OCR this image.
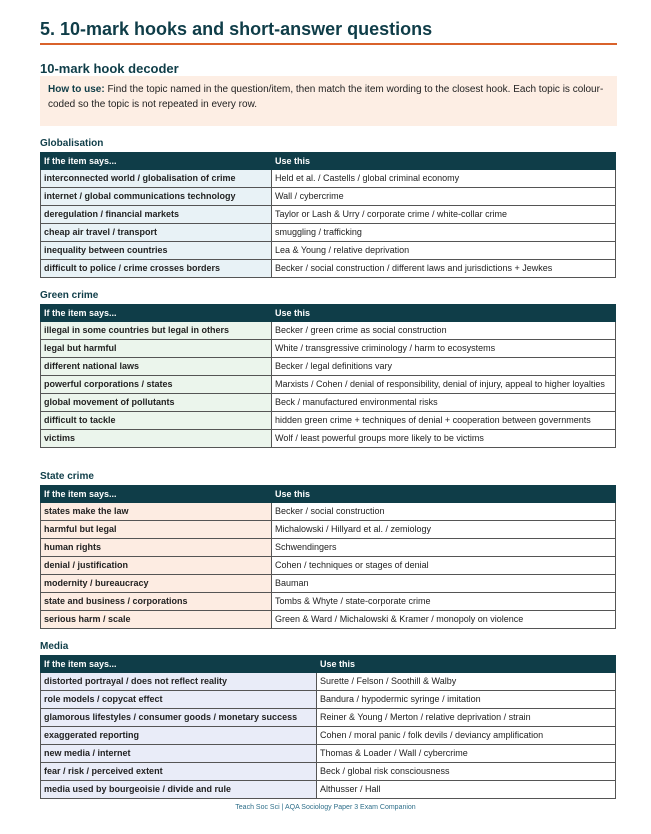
5. 10-mark hooks and short-answer questions
10-mark hook decoder
How to use: Find the topic named in the question/item, then match the item wording to the closest hook. Each topic is colour-coded so the topic is not repeated in every row.
Globalisation
If the item says...	Use this
interconnected world / globalisation of crime	Held et al. / Castells / global criminal economy
internet / global communications technology	Wall / cybercrime
deregulation / financial markets	Taylor or Lash & Urry / corporate crime / white-collar crime
cheap air travel / transport	smuggling / trafficking
inequality between countries	Lea & Young / relative deprivation
difficult to police / crime crosses borders	Becker / social construction / different laws and jurisdictions + Jewkes
Green crime
If the item says...	Use this
illegal in some countries but legal in others	Becker / green crime as social construction
legal but harmful	White / transgressive criminology / harm to ecosystems
different national laws	Becker / legal definitions vary
powerful corporations / states	Marxists / Cohen / denial of responsibility, denial of injury, appeal to higher loyalties
global movement of pollutants	Beck / manufactured environmental risks
difficult to tackle	hidden green crime + techniques of denial + cooperation between governments
victims	Wolf / least powerful groups more likely to be victims
State crime
If the item says...	Use this
states make the law	Becker / social construction
harmful but legal	Michalowski / Hillyard et al. / zemiology
human rights	Schwendingers
denial / justification	Cohen / techniques or stages of denial
modernity / bureaucracy	Bauman
state and business / corporations	Tombs & Whyte / state-corporate crime
serious harm / scale	Green & Ward / Michalowski & Kramer / monopoly on violence
Media
If the item says...	Use this
distorted portrayal / does not reflect reality	Surette / Felson / Soothill & Walby
role models / copycat effect	Bandura / hypodermic syringe / imitation
glamorous lifestyles / consumer goods / monetary success	Reiner & Young / Merton / relative deprivation / strain
exaggerated reporting	Cohen / moral panic / folk devils / deviancy amplification
new media / internet	Thomas & Loader / Wall / cybercrime
fear / risk / perceived extent	Beck / global risk consciousness
media used by bourgeoisie / divide and rule	Althusser / Hall
Teach Soc Sci | AQA Sociology Paper 3 Exam Companion
